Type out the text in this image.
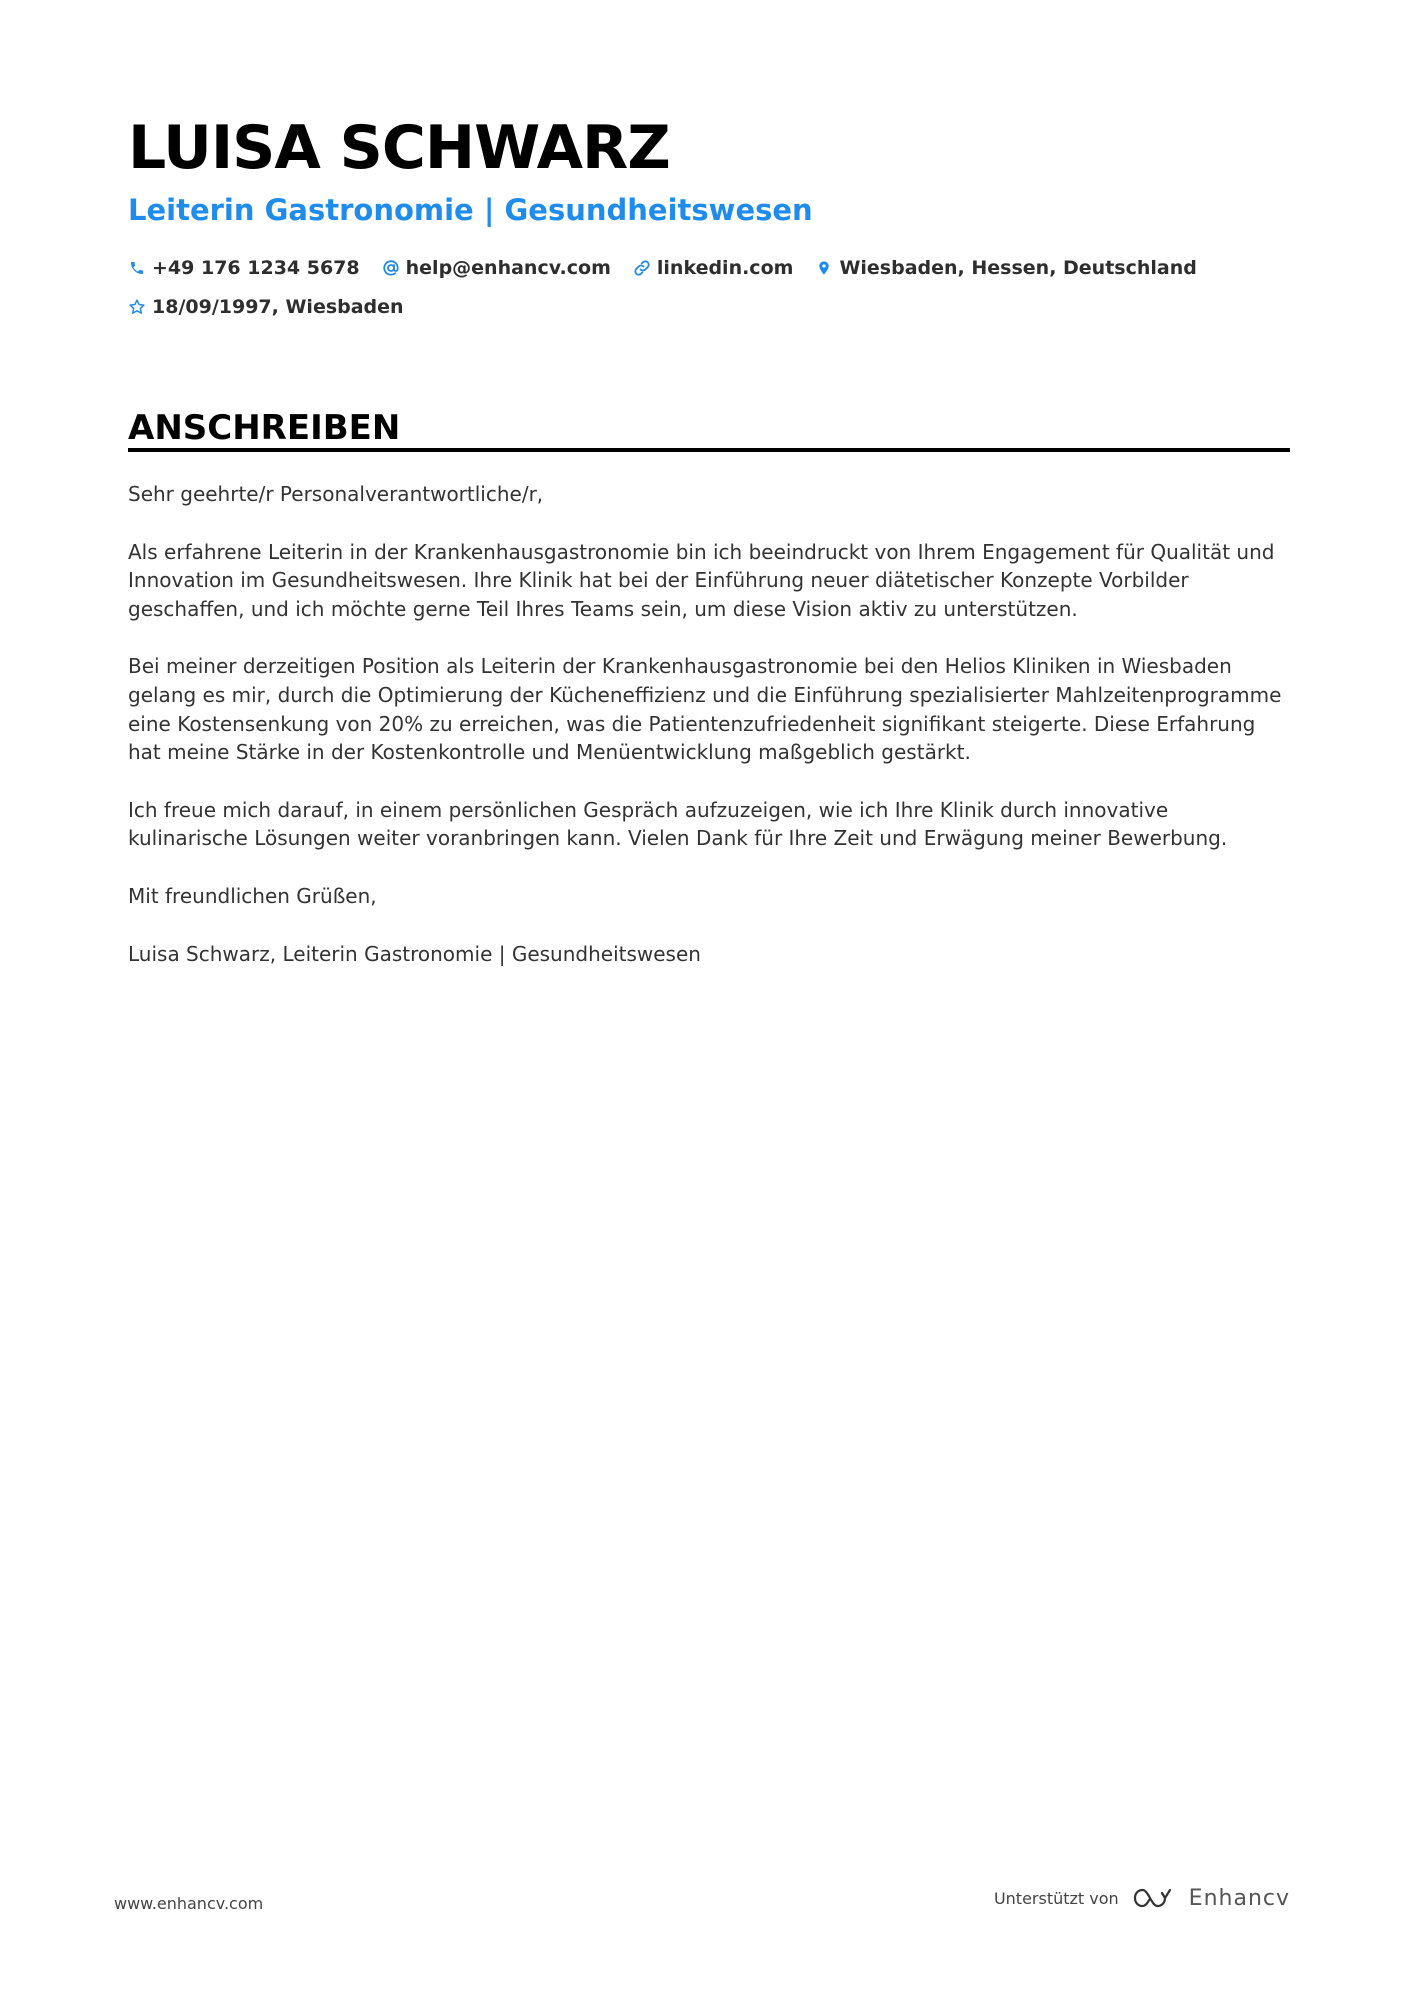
LUISA SCHWARZ
Leiterin Gastronomie | Gesundheitswesen
+49 176 1234 5678 help@enhancv.com linkedin.com Wiesbaden, Hessen, Deutschland
18/09/1997, Wiesbaden
ANSCHREIBEN

Sehr geehrte/r Personalverantwortliche/r,

Als erfahrene Leiterin in der Krankenhausgastronomie bin ich beeindruckt von Ihrem Engagement für Qualität und Innovation im Gesundheitswesen. Ihre Klinik hat bei der Einführung neuer diätetischer Konzepte Vorbilder geschaffen, und ich möchte gerne Teil Ihres Teams sein, um diese Vision aktiv zu unterstützen.

Bei meiner derzeitigen Position als Leiterin der Krankenhausgastronomie bei den Helios Kliniken in Wiesbaden gelang es mir, durch die Optimierung der Kücheneffizienz und die Einführung spezialisierter Mahlzeitenprogramme eine Kostensenkung von 20% zu erreichen, was die Patientenzufriedenheit signifikant steigerte. Diese Erfahrung hat meine Stärke in der Kostenkontrolle und Menüentwicklung maßgeblich gestärkt.

Ich freue mich darauf, in einem persönlichen Gespräch aufzuzeigen, wie ich Ihre Klinik durch innovative kulinarische Lösungen weiter voranbringen kann. Vielen Dank für Ihre Zeit und Erwägung meiner Bewerbung.

Mit freundlichen Grüßen,

Luisa Schwarz, Leiterin Gastronomie | Gesundheitswesen

www.enhancv.com	Unterstützt von	Enhancv
